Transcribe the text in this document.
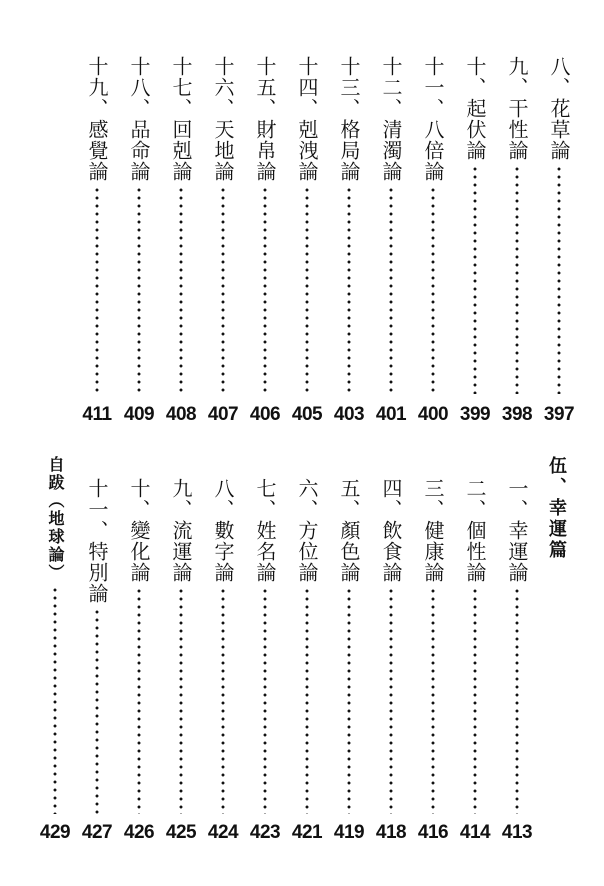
八、花草論
397
九、干性論
398
十、起伏論
399
十一、八倍論
400
十二、清濁論
401
十三、格局論
403
十四、剋洩論
405
十五、財帛論
406
十六、天地論
407
十七、回剋論
408
十八、品命論
409
十九、感覺論
411
伍、幸運篇
一、幸運論
413
二、個性論
414
三、健康論
416
四、飲食論
418
五、顏色論
419
六、方位論
421
七、姓名論
423
八、數字論
424
九、流運論
425
十、變化論
426
十一、特別論
427
自跋（地球論）
429
